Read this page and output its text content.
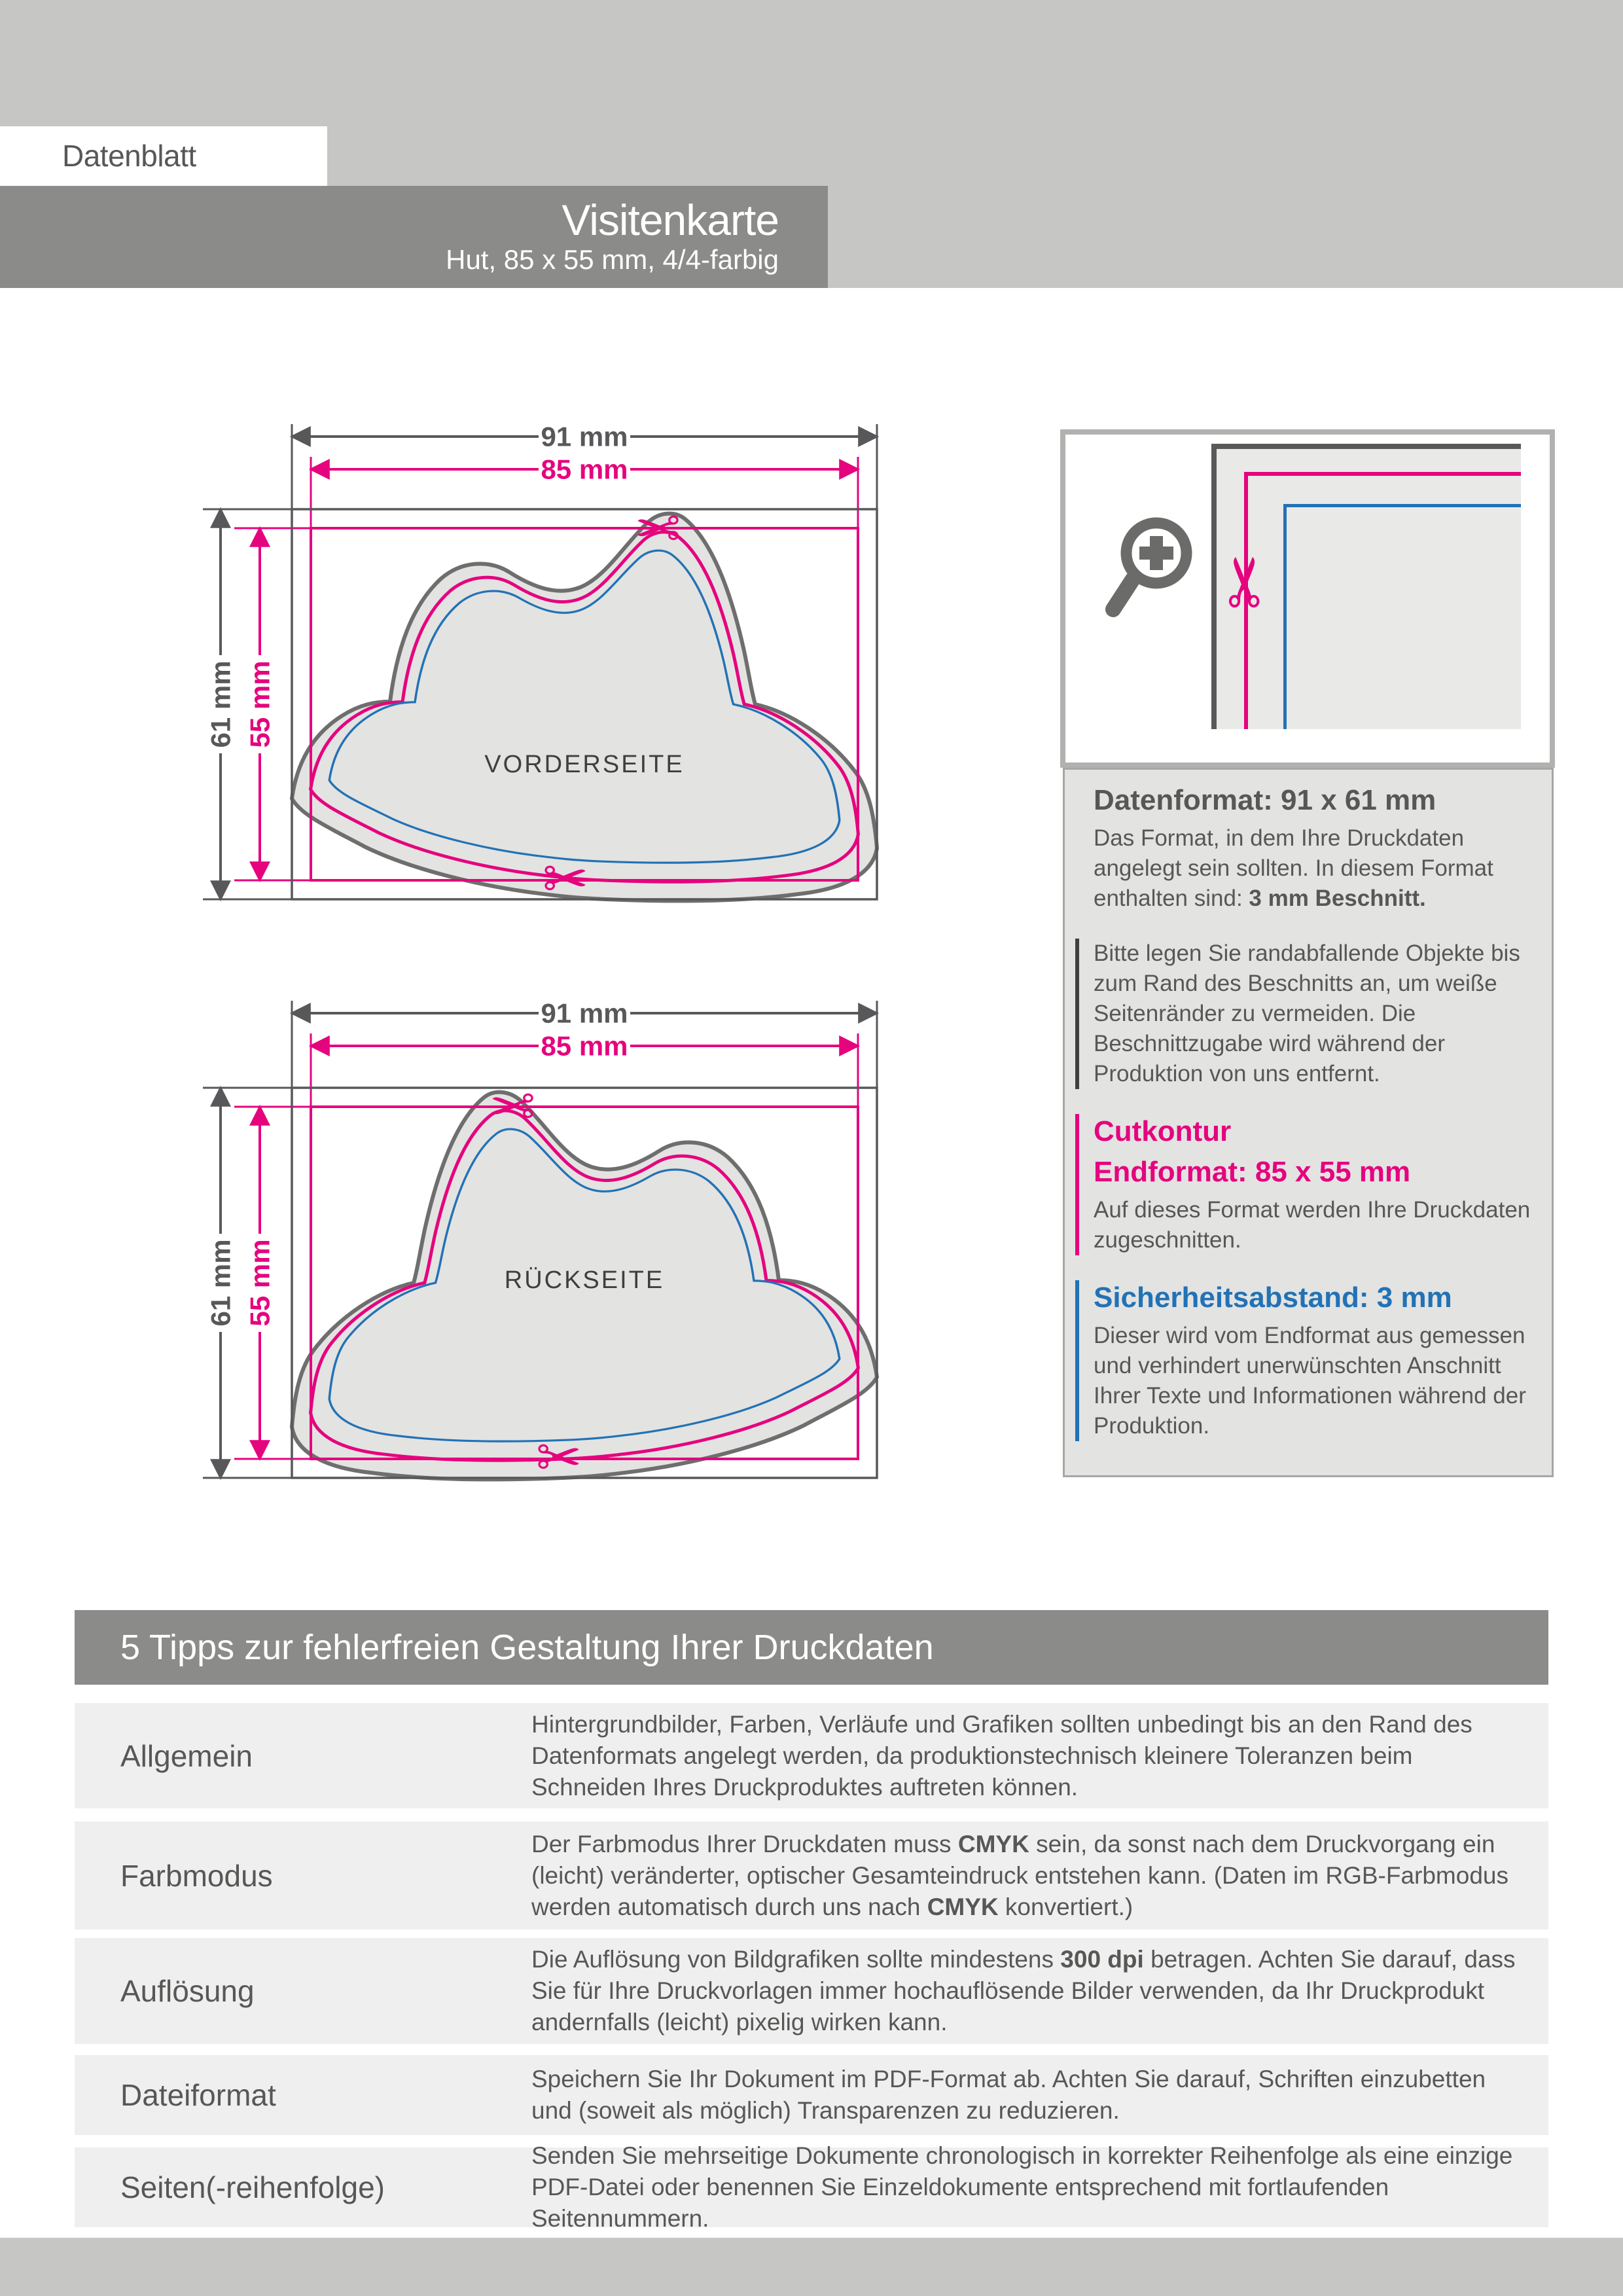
Datenblatt
Visitenkarte
Hut, 85 x 55 mm, 4/4-farbig
91 mm
85 mm
61 mm 55 mm
✂
✂
VORDERSEITE
91 mm
85 mm
61 mm 55 mm
✂
✂
RÜCKSEITE
✂
Datenformat: 91 x 61 mm

Das Format, in dem Ihre Druckdaten angelegt sein sollten. In diesem Format enthalten sind: 3 mm Beschnitt.

Bitte legen Sie randabfallende Objekte bis zum Rand des Beschnitts an, um weiße Seitenränder zu vermeiden. Die Beschnittzugabe wird während der Produktion von uns entfernt.

Cutkontur
Endformat: 85 x 55 mm

Auf dieses Format werden Ihre Druckdaten zugeschnitten.

Sicherheitsabstand: 3 mm

Dieser wird vom Endformat aus gemessen und verhindert unerwünschten Anschnitt Ihrer Texte und Informationen während der Produktion.

5 Tipps zur fehlerfreien Gestaltung Ihrer Druckdaten
Allgemein

Hintergrundbilder, Farben, Verläufe und Grafiken sollten unbedingt bis an den Rand des Datenformats angelegt werden, da produktionstechnisch kleinere Toleranzen beim Schneiden Ihres Druckproduktes auftreten können.

Farbmodus

Der Farbmodus Ihrer Druckdaten muss CMYK sein, da sonst nach dem Druckvorgang ein (leicht) veränderter, optischer Gesamteindruck entstehen kann. (Daten im RGB-Farbmodus werden automatisch durch uns nach CMYK konvertiert.)

Auflösung

Die Auflösung von Bildgrafiken sollte mindestens 300 dpi betragen. Achten Sie darauf, dass Sie für Ihre Druckvorlagen immer hochauflösende Bilder verwenden, da Ihr Druckprodukt andernfalls (leicht) pixelig wirken kann.

Dateiformat	Speichern Sie Ihr Dokument im PDF-Format ab. Achten Sie darauf, Schriften einzubetten und (soweit als möglich) Transparenzen zu reduzieren.

Seiten(-reihenfolge)

Senden Sie mehrseitige Dokumente chronologisch in korrekter Reihenfolge als eine einzige PDF-Datei oder benennen Sie Einzeldokumente entsprechend mit fortlaufenden Seitennummern.
